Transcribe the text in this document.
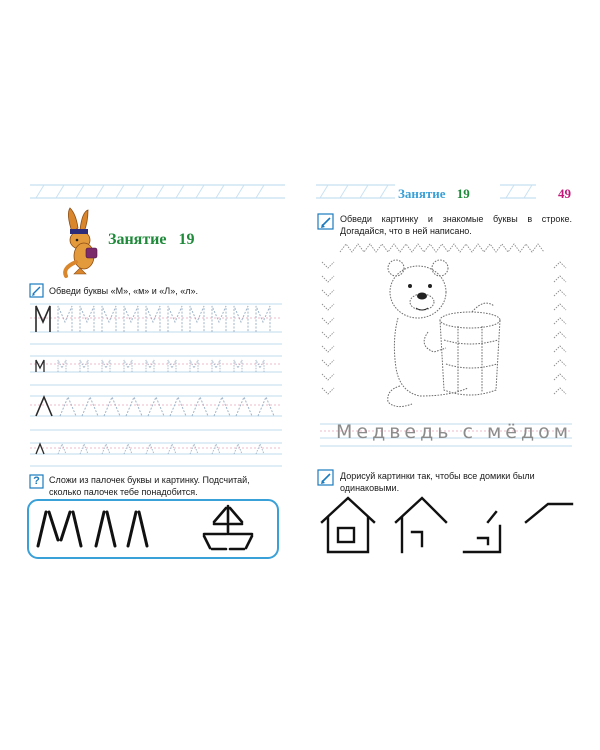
Занятие 19
Обведи буквы «М», «м» и «Л», «л».
?	Сложи из палочек буквы и картинку. Подсчитай, сколько палочек тебе понадобится.
Занятие 19	49
Обведи картинку и знакомые буквы в строке. Догадайся, что в ней написано.
Медведь с мёдом
Дорисуй картинки так, чтобы все домики были одинаковыми.
